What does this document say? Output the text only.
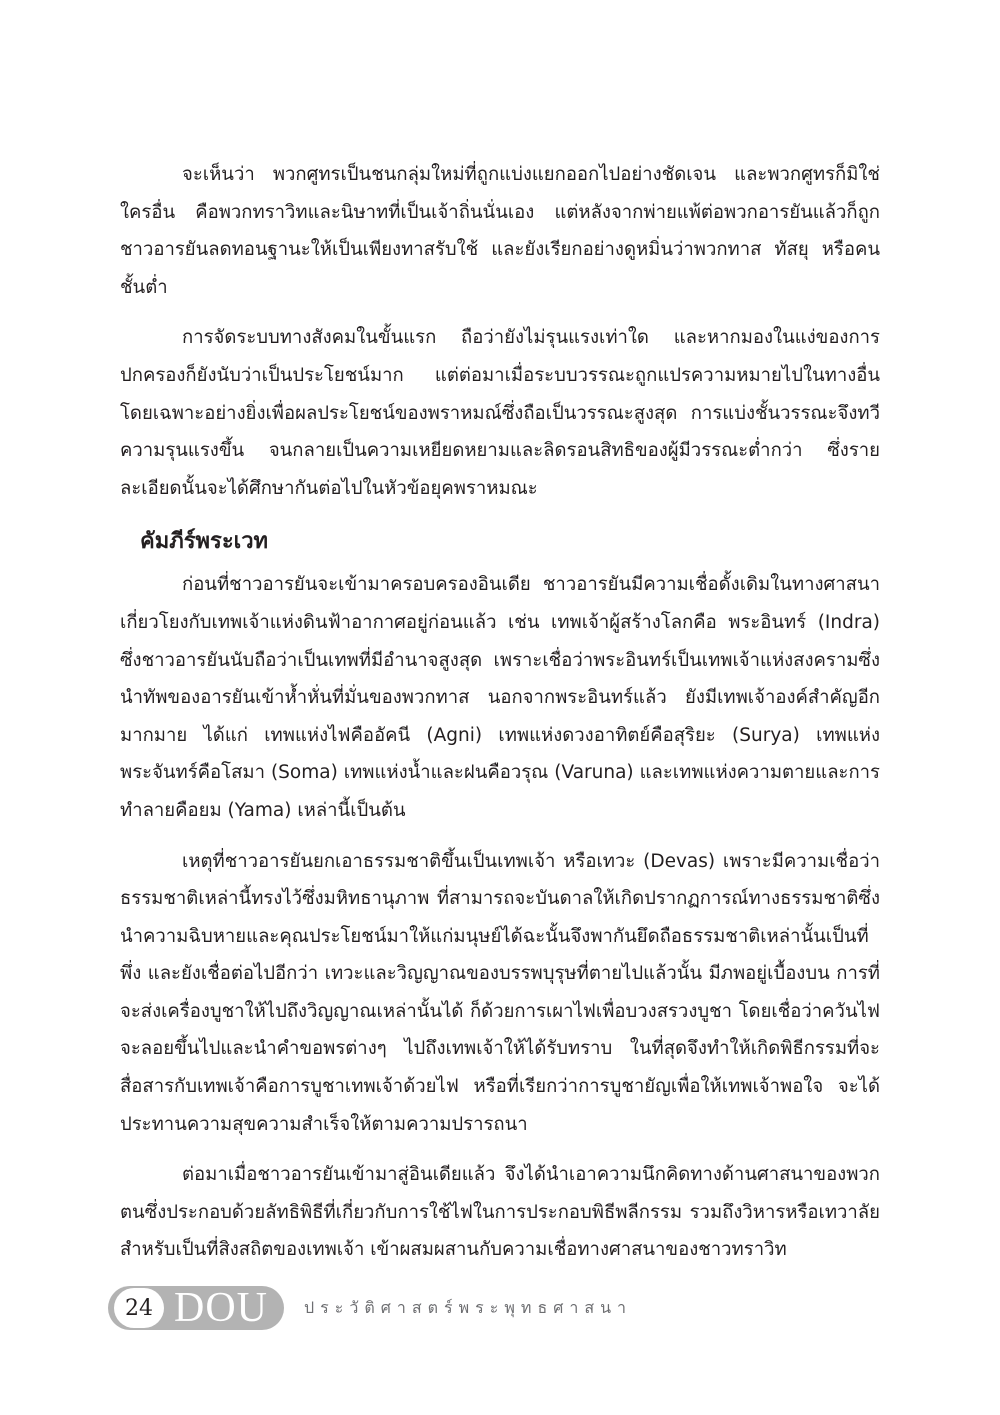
จะเห็นว่า พวกศูทรเป็นชนกลุ่มใหม่ที่ถูกแบ่งแยกออกไปอย่างชัดเจน และพวกศูทรก็มิใช่ใครอื่น คือพวกทราวิทและนิษาทที่เป็นเจ้าถิ่นนั่นเอง แต่หลังจากพ่ายแพ้ต่อพวกอารยันแล้วก็ถูกชาวอารยันลดทอนฐานะให้เป็นเพียงทาสรับใช้ และยังเรียกอย่างดูหมิ่นว่าพวกทาส ทัสยุ หรือคนชั้นต่ำ

การจัดระบบทางสังคมในขั้นแรก ถือว่ายังไม่รุนแรงเท่าใด และหากมองในแง่ของการปกครองก็ยังนับว่าเป็นประโยชน์มาก แต่ต่อมาเมื่อระบบวรรณะถูกแปรความหมายไปในทางอื่น โดยเฉพาะอย่างยิ่งเพื่อผลประโยชน์ของพราหมณ์ซึ่งถือเป็นวรรณะสูงสุด การแบ่งชั้นวรรณะจึงทวีความรุนแรงขึ้น จนกลายเป็นความเหยียดหยามและลิดรอนสิทธิของผู้มีวรรณะต่ำกว่า ซึ่งรายละเอียดนั้นจะได้ศึกษากันต่อไปในหัวข้อยุคพราหมณะ

คัมภีร์พระเวท

ก่อนที่ชาวอารยันจะเข้ามาครอบครองอินเดีย ชาวอารยันมีความเชื่อดั้งเดิมในทางศาสนาเกี่ยวโยงกับเทพเจ้าแห่งดินฟ้าอากาศอยู่ก่อนแล้ว เช่น เทพเจ้าผู้สร้างโลกคือ พระอินทร์ (Indra) ซึ่งชาวอารยันนับถือว่าเป็นเทพที่มีอำนาจสูงสุด เพราะเชื่อว่าพระอินทร์เป็นเทพเจ้าแห่งสงครามซึ่งนำทัพของอารยันเข้าห้ำหั่นที่มั่นของพวกทาส นอกจากพระอินทร์แล้ว ยังมีเทพเจ้าองค์สำคัญอีกมากมาย ได้แก่ เทพแห่งไฟคืออัคนี (Agni) เทพแห่งดวงอาทิตย์คือสุริยะ (Surya) เทพแห่งพระจันทร์คือโสมา (Soma) เทพแห่งน้ำและฝนคือวรุณ (Varuna) และเทพแห่งความตายและการทำลายคือยม (Yama) เหล่านี้เป็นต้น

เหตุที่ชาวอารยันยกเอาธรรมชาติขึ้นเป็นเทพเจ้า หรือเทวะ (Devas) เพราะมีความเชื่อว่าธรรมชาติเหล่านี้ทรงไว้ซึ่งมหิทธานุภาพ ที่สามารถจะบันดาลให้เกิดปรากฏการณ์ทางธรรมชาติซึ่งนำความฉิบหายและคุณประโยชน์มาให้แก่มนุษย์ได้ฉะนั้นจึงพากันยึดถือธรรมชาติเหล่านั้นเป็นที่พึ่ง และยังเชื่อต่อไปอีกว่า เทวะและวิญญาณของบรรพบุรุษที่ตายไปแล้วนั้น มีภพอยู่เบื้องบน การที่จะส่งเครื่องบูชาให้ไปถึงวิญญาณเหล่านั้นได้ ก็ด้วยการเผาไฟเพื่อบวงสรวงบูชา โดยเชื่อว่าควันไฟจะลอยขึ้นไปและนำคำขอพรต่างๆ ไปถึงเทพเจ้าให้ได้รับทราบ ในที่สุดจึงทำให้เกิดพิธีกรรมที่จะสื่อสารกับเทพเจ้าคือการบูชาเทพเจ้าด้วยไฟ หรือที่เรียกว่าการบูชายัญเพื่อให้เทพเจ้าพอใจ จะได้ประทานความสุขความสำเร็จให้ตามความปรารถนา

ต่อมาเมื่อชาวอารยันเข้ามาสู่อินเดียแล้ว จึงได้นำเอาความนึกคิดทางด้านศาสนาของพวกตนซึ่งประกอบด้วยลัทธิพิธีที่เกี่ยวกับการใช้ไฟในการประกอบพิธีพลีกรรม รวมถึงวิหารหรือเทวาลัยสำหรับเป็นที่สิงสถิตของเทพเจ้า เข้าผสมผสานกับความเชื่อทางศาสนาของชาวทราวิท

24 DOU ประวัติศาสตร์พระพุทธศาสนา
